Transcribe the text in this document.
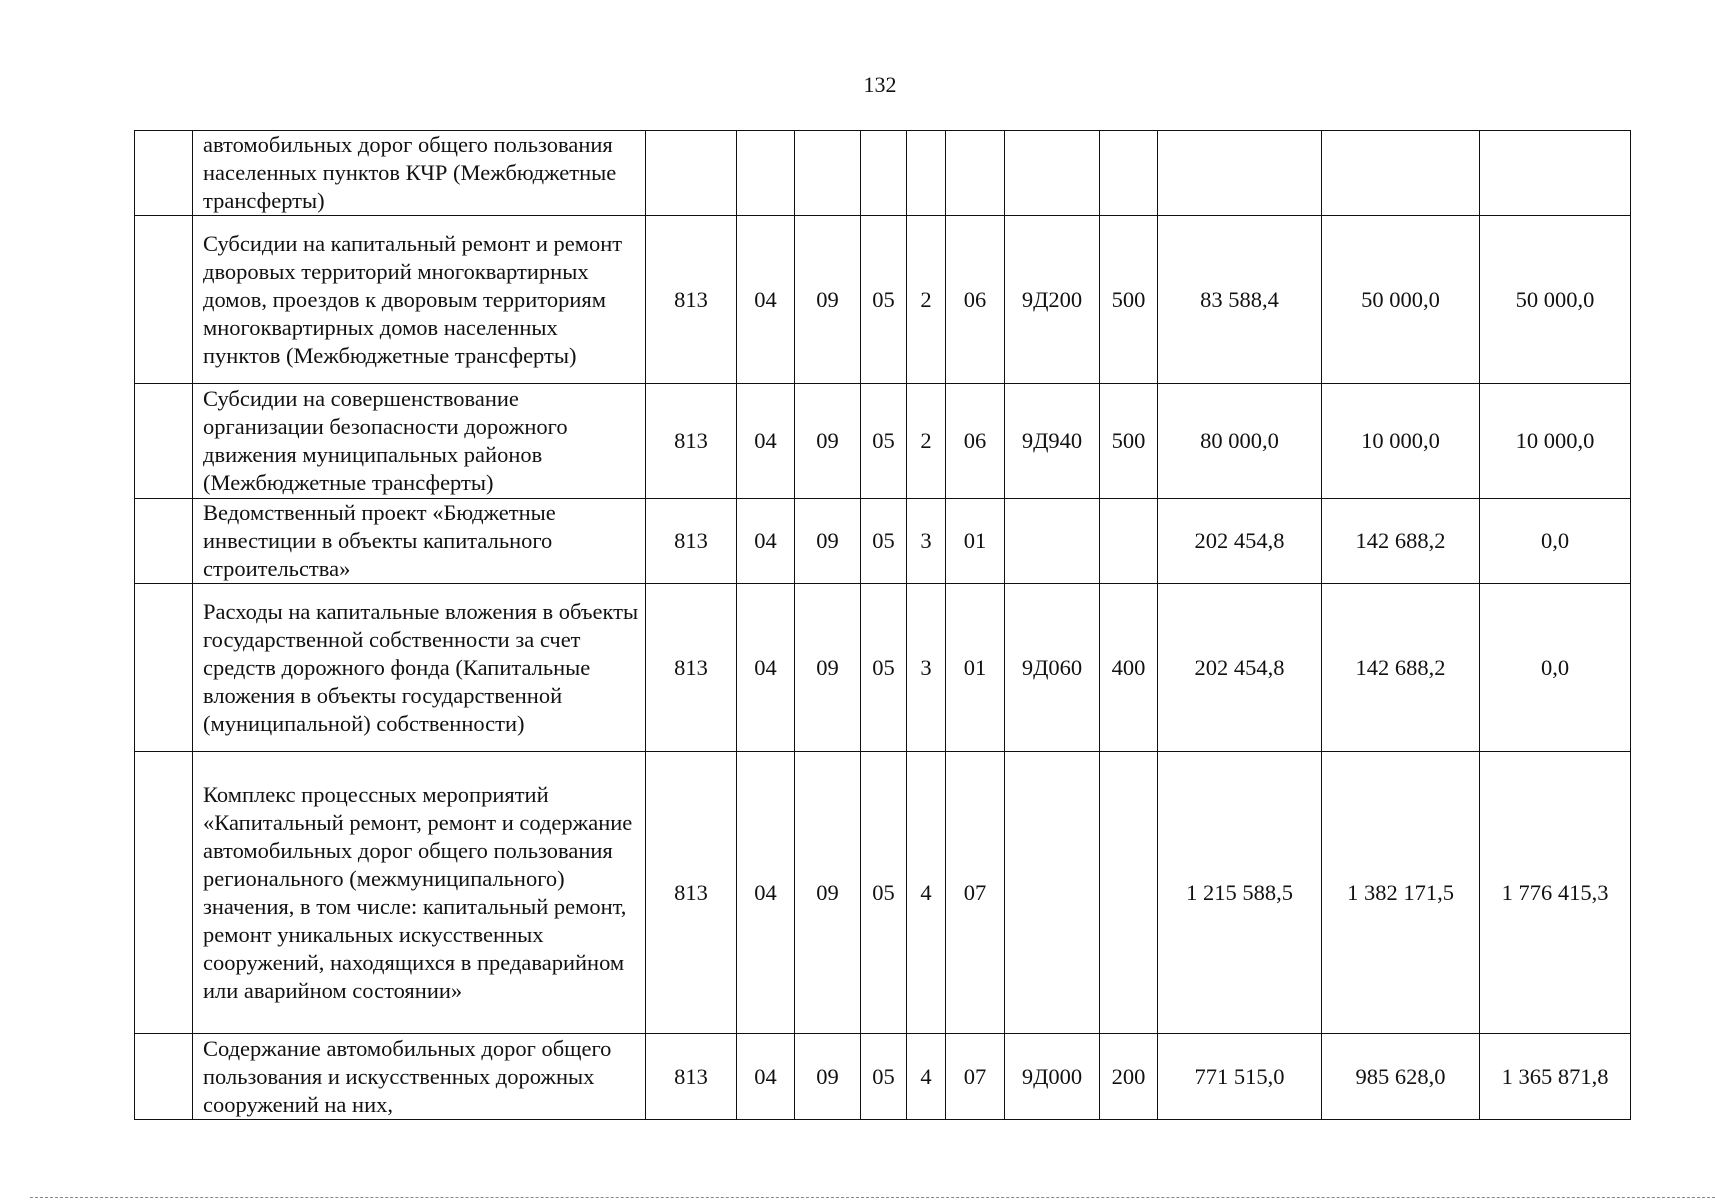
132
	автомобильных дорог общего пользования населенных пунктов КЧР (Межбюджетные трансферты)											
	Субсидии на капитальный ремонт и ремонт дворовых территорий многоквартирных домов, проездов к дворовым территориям многоквартирных домов населенных пунктов (Межбюджетные трансферты)	813	04	09	05	2	06	9Д200	500	83 588,4	50 000,0	50 000,0
	Субсидии на совершенствование организации безопасности дорожного движения муниципальных районов (Межбюджетные трансферты)	813	04	09	05	2	06	9Д940	500	80 000,0	10 000,0	10 000,0
	Ведомственный проект «Бюджетные инвестиции в объекты капитального строительства»	813	04	09	05	3	01			202 454,8	142 688,2	0,0
	Расходы на капитальные вложения в объекты государственной собственности за счет средств дорожного фонда (Капитальные вложения в объекты государственной (муниципальной) собственности)	813	04	09	05	3	01	9Д060	400	202 454,8	142 688,2	0,0
	Комплекс процессных мероприятий «Капитальный ремонт, ремонт и содержание автомобильных дорог общего пользования регионального (межмуниципального) значения, в том числе: капитальный ремонт, ремонт уникальных искусственных сооружений, находящихся в предаварийном или аварийном состоянии»	813	04	09	05	4	07			1 215 588,5	1 382 171,5	1 776 415,3
	Содержание автомобильных дорог общего пользования и искусственных дорожных сооружений на них,	813	04	09	05	4	07	9Д000	200	771 515,0	985 628,0	1 365 871,8
